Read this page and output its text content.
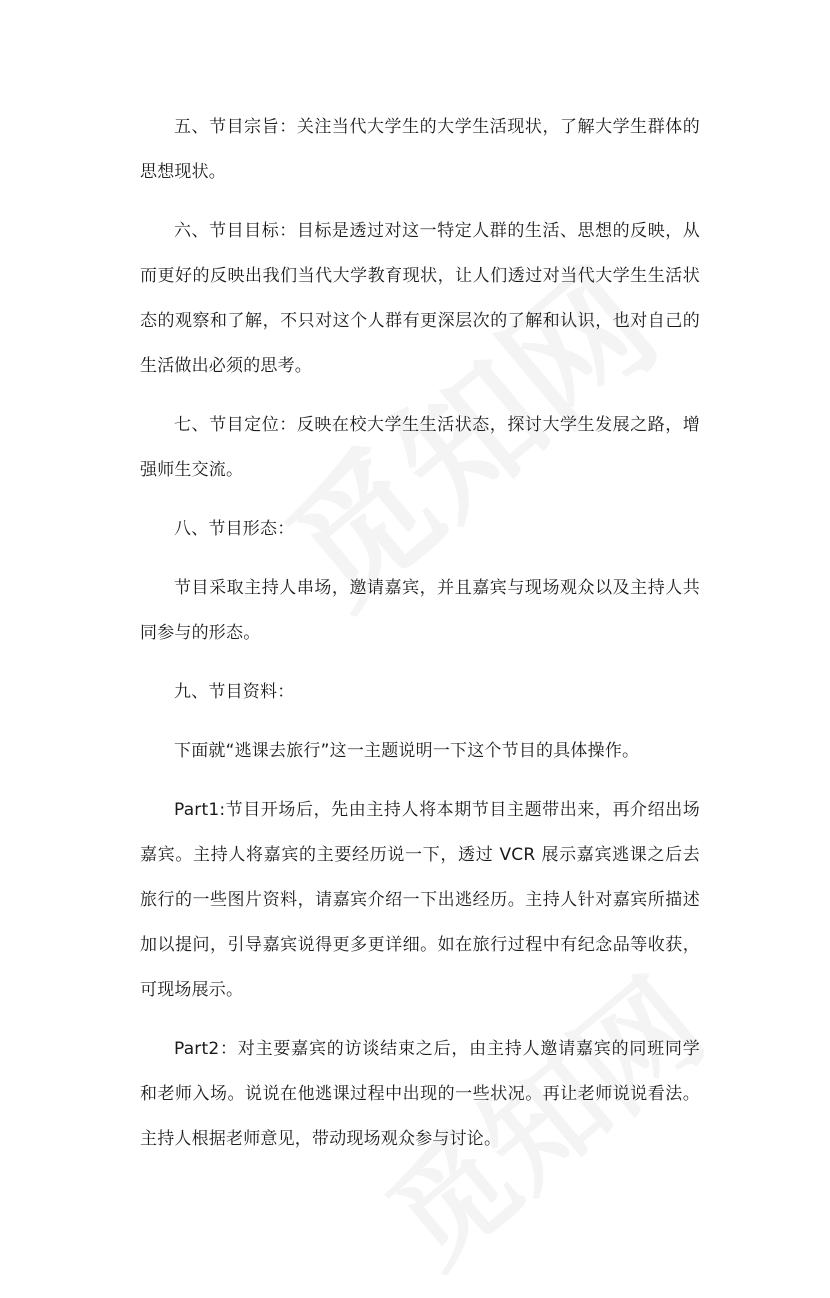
五、节目宗旨：关注当代大学生的大学生活现状，了解大学生群体的思想现状。

六、节目目标：目标是透过对这一特定人群的生活、思想的反映，从而更好的反映出我们当代大学教育现状，让人们透过对当代大学生生活状态的观察和了解，不只对这个人群有更深层次的了解和认识，也对自己的生活做出必须的思考。

七、节目定位：反映在校大学生生活状态，探讨大学生发展之路，增强师生交流。

八、节目形态：

节目采取主持人串场，邀请嘉宾，并且嘉宾与现场观众以及主持人共同参与的形态。

九、节目资料：

下面就“逃课去旅行”这一主题说明一下这个节目的具体操作。

Part1:节目开场后，先由主持人将本期节目主题带出来，再介绍出场嘉宾。主持人将嘉宾的主要经历说一下，透过 VCR 展示嘉宾逃课之后去旅行的一些图片资料，请嘉宾介绍一下出逃经历。主持人针对嘉宾所描述加以提问，引导嘉宾说得更多更详细。如在旅行过程中有纪念品等收获，可现场展示。

Part2：对主要嘉宾的访谈结束之后，由主持人邀请嘉宾的同班同学和老师入场。说说在他逃课过程中出现的一些状况。再让老师说说看法。主持人根据老师意见，带动现场观众参与讨论。
